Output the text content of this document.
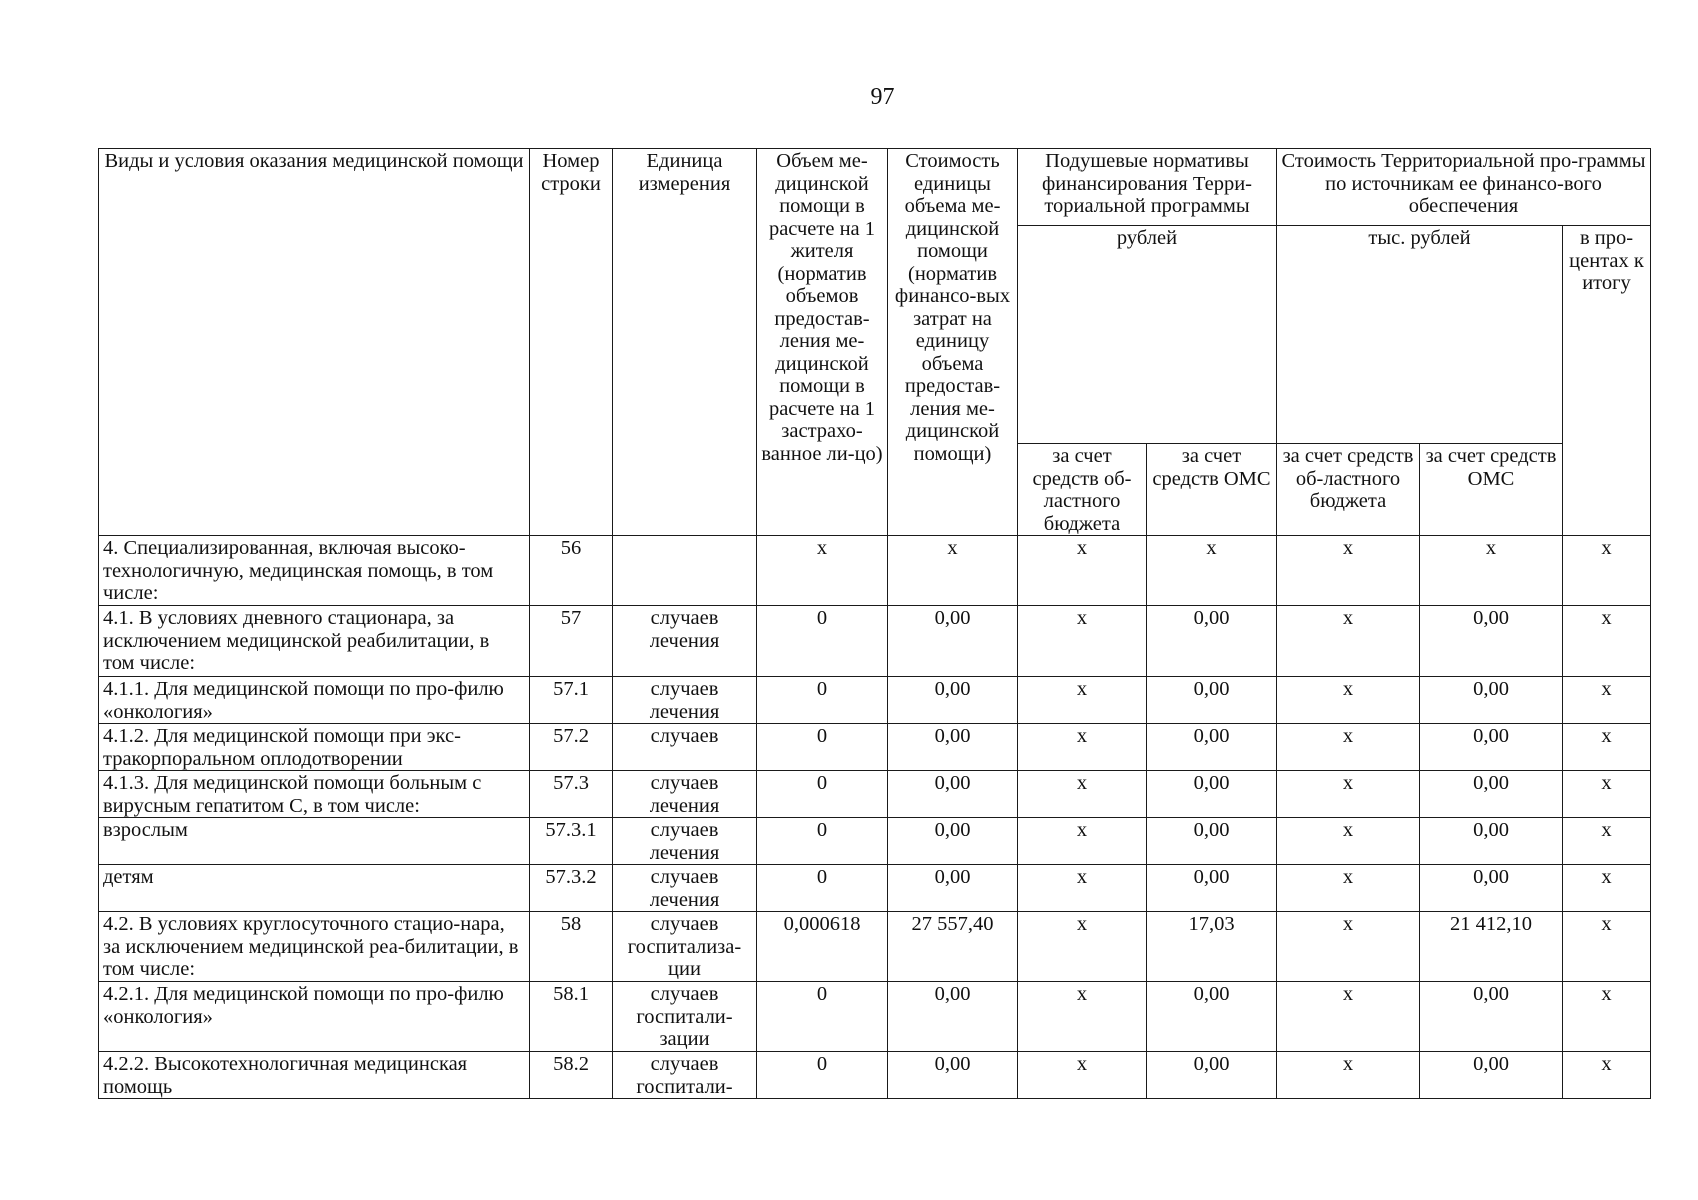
97
Виды и условия оказания медицинской помощи	Номер строки	Единица измерения	Объем ме-дицинской помощи в расчете на 1 жителя (норматив объемов предостав-ления ме-дицинской помощи в расчете на 1 застрахо-ванное ли-цо)	Стоимость единицы объема ме-дицинской помощи (норматив финансо-вых затрат на единицу объема предостав-ления ме-дицинской помощи)	Подушевые нормативы финансирования Терри-ториальной программы		Стоимость Территориальной про-граммы по источникам ее финансо-вого обеспечения		
					рублей		тыс. рублей		в про-центах к итогу
					за счет средств об-ластного бюджета	за счет средств ОМС	за счет средств об-ластного бюджета	за счет средств ОМС	
4. Специализированная, включая высоко-технологичную, медицинская помощь, в том числе:	56		x	x	x	x	x	x	x
4.1. В условиях дневного стационара, за исключением медицинской реабилитации, в том числе:	57	случаев лечения	0	0,00	x	0,00	x	0,00	x
4.1.1. Для медицинской помощи по про-филю «онкология»	57.1	случаев лечения	0	0,00	x	0,00	x	0,00	x
4.1.2. Для медицинской помощи при экс-тракорпоральном оплодотворении	57.2	случаев	0	0,00	x	0,00	x	0,00	x
4.1.3. Для медицинской помощи больным с вирусным гепатитом С, в том числе:	57.3	случаев лечения	0	0,00	x	0,00	x	0,00	x
взрослым	57.3.1	случаев лечения	0	0,00	x	0,00	x	0,00	x
детям	57.3.2	случаев лечения	0	0,00	x	0,00	x	0,00	x
4.2. В условиях круглосуточного стацио-нара, за исключением медицинской реа-билитации, в том числе:	58	случаев госпитализа-ции	0,000618	27 557,40	x	17,03	x	21 412,10	x
4.2.1. Для медицинской помощи по про-филю «онкология»	58.1	случаев госпитали-зации	0	0,00	x	0,00	x	0,00	x
4.2.2. Высокотехнологичная медицинская помощь	58.2	случаев госпитали-	0	0,00	x	0,00	x	0,00	x
